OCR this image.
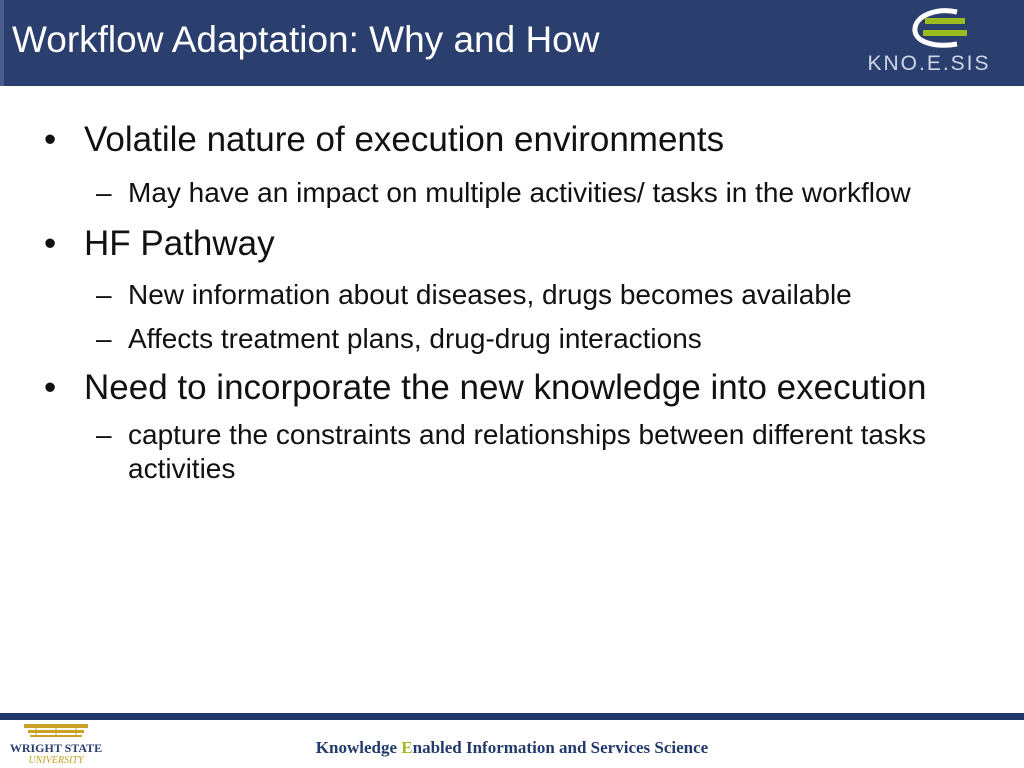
Workflow Adaptation: Why and How
KNO.E.SIS
• Volatile nature of execution environments
– May have an impact on multiple activities/ tasks in the workflow
• HF Pathway
– New information about diseases, drugs becomes available
– Affects treatment plans, drug-drug interactions
• Need to incorporate the new knowledge into execution
– capture the constraints and relationships between different tasks activities
WRIGHT STATE
UNIVERSITY
Knowledge Enabled Information and Services Science
